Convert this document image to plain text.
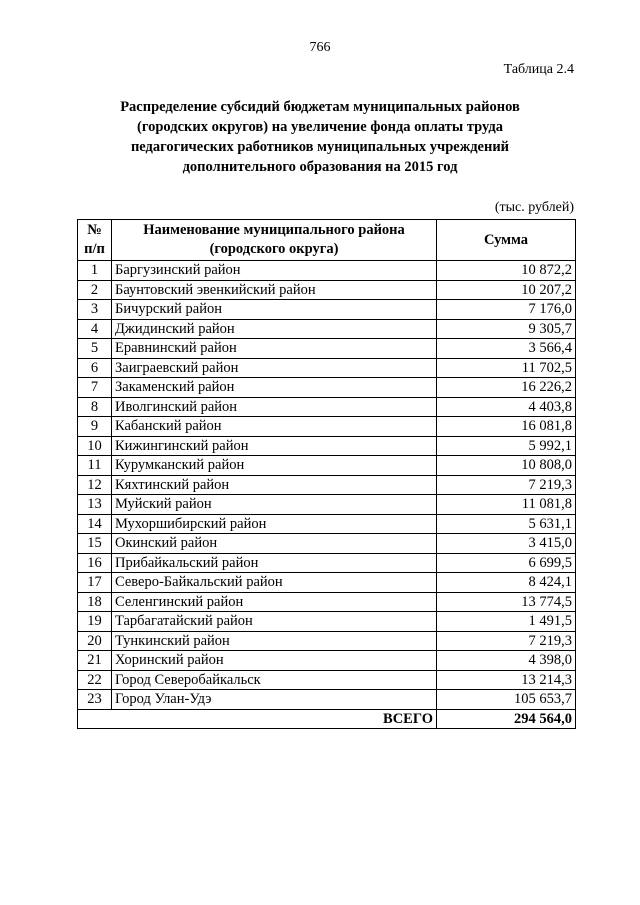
766
Таблица 2.4
Распределение субсидий бюджетам муниципальных районов (городских округов) на увеличение фонда оплаты труда педагогических работников муниципальных учреждений дополнительного образования на 2015 год
(тыс. рублей)
№ п/п	Наименование муниципального района (городского округа)	Сумма
1	Баргузинский район	10 872,2
2	Баунтовский эвенкийский район	10 207,2
3	Бичурский район	7 176,0
4	Джидинский район	9 305,7
5	Еравнинский район	3 566,4
6	Заиграевский район	11 702,5
7	Закаменский район	16 226,2
8	Иволгинский район	4 403,8
9	Кабанский район	16 081,8
10	Кижингинский район	5 992,1
11	Курумканский район	10 808,0
12	Кяхтинский район	7 219,3
13	Муйский район	11 081,8
14	Мухоршибирский район	5 631,1
15	Окинский район	3 415,0
16	Прибайкальский район	6 699,5
17	Северо-Байкальский район	8 424,1
18	Селенгинский район	13 774,5
19	Тарбагатайский район	1 491,5
20	Тункинский район	7 219,3
21	Хоринский район	4 398,0
22	Город Северобайкальск	13 214,3
23	Город Улан-Удэ	105 653,7
ВСЕГО		294 564,0
